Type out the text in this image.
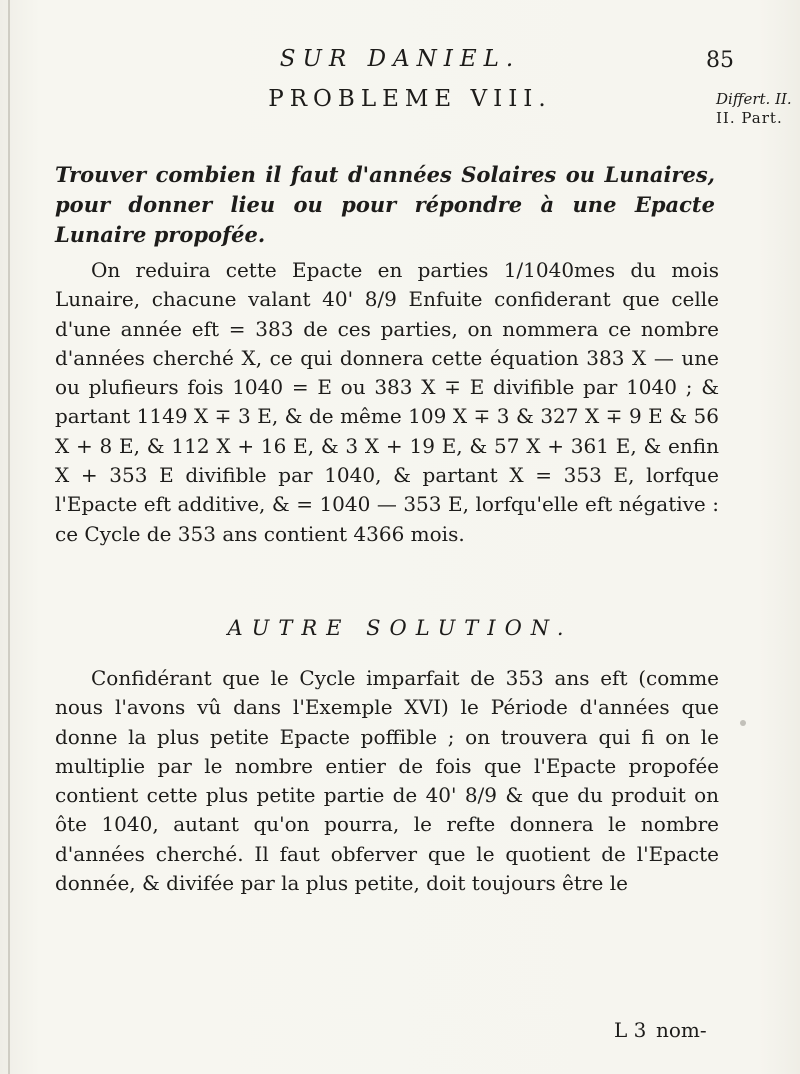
SUR DANIEL.	85
Differt. II.
II. Part.
PROBLEME VIII.
Trouver combien il faut d'années Solaires ou Lunaires, pour donner lieu ou pour répondre à une Epacte Lunaire propofée.
On reduira cette Epacte en parties 1/1040mes du mois Lunaire, chacune valant 40' 8/9 Enfuite confiderant que celle d'une année eft = 383 de ces parties, on nommera ce nombre d'années cherché X, ce qui donnera cette équation 383 X — une ou plufieurs fois 1040 = E ou 383 X ∓ E divifible par 1040 ; & partant 1149 X ∓ 3 E, & de même 109 X ∓ 3 & 327 X ∓ 9 E & 56 X + 8 E, & 112 X + 16 E, & 3 X + 19 E, & 57 X + 361 E, & enfin X + 353 E divifible par 1040, & partant X = 353 E, lorfque l'Epacte eft additive, & = 1040 — 353 E, lorfqu'elle eft négative : ce Cycle de 353 ans contient 4366 mois.
AUTRE SOLUTION.
Confidérant que le Cycle imparfait de 353 ans eft (comme nous l'avons vû dans l'Exemple XVI) le Période d'années que donne la plus petite Epacte poffible ; on trouvera qui fi on le multiplie par le nombre entier de fois que l'Epacte propofée contient cette plus petite partie de 40' 8/9 & que du produit on ôte 1040, autant qu'on pourra, le refte donnera le nombre d'années cherché. Il faut obferver que le quotient de l'Epacte donnée, & divifée par la plus petite, doit toujours être le
L 3 nom-
